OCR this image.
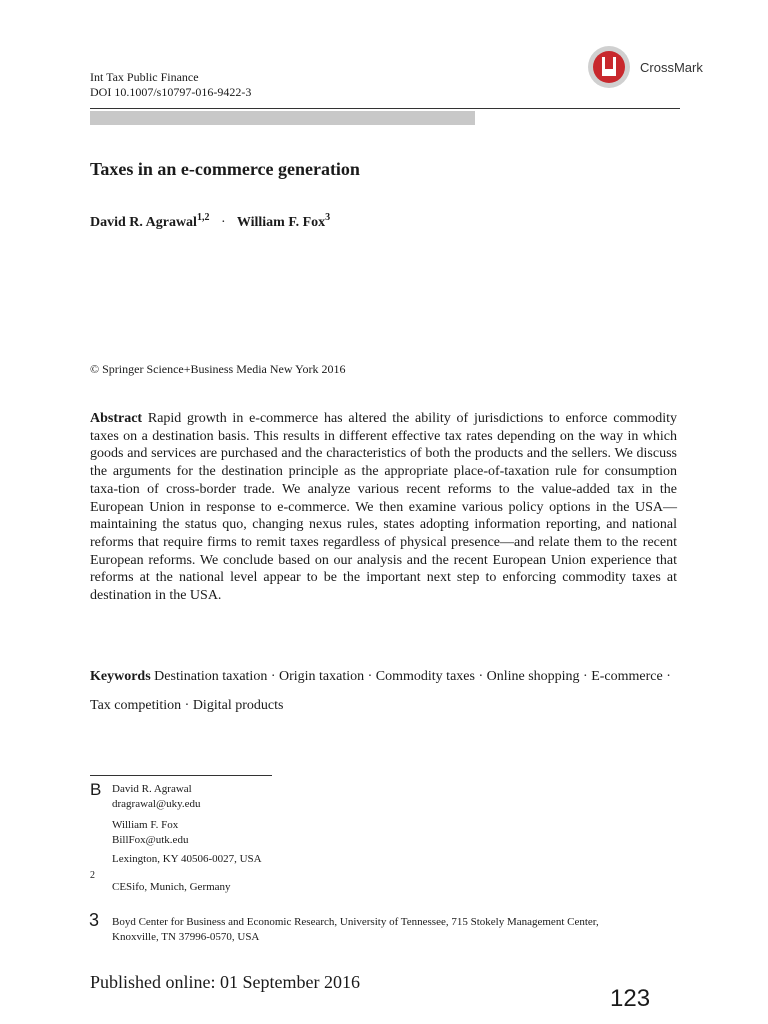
Int Tax Public Finance
DOI 10.1007/s10797-016-9422-3
CrossMark
Taxes in an e-commerce generation
David R. Agrawal$^{1,2}$ · William F. Fox$^3$
© Springer Science+Business Media New York 2016
Abstract Rapid growth in e-commerce has altered the ability of jurisdictions to enforce commodity taxes on a destination basis. This results in different effective tax rates depending on the way in which goods and services are purchased and the characteristics of both the products and the sellers. We discuss the arguments for the destination principle as the appropriate place-of-taxation rule for consumption taxa-tion of cross-border trade. We analyze various recent reforms to the value-added tax in the European Union in response to e-commerce. We then examine various policy options in the USA—maintaining the status quo, changing nexus rules, states adopting information reporting, and national reforms that require firms to remit taxes regardless of physical presence—and relate them to the recent European reforms. We conclude based on our analysis and the recent European Union experience that reforms at the national level appear to be the important next step to enforcing commodity taxes at destination in the USA.
Keywords Destination taxation · Origin taxation · Commodity taxes · Online shopping · E-commerce · Tax competition · Digital products
B David R. Agrawal
dragrawal@uky.edu
William F. Fox
BillFox@utk.edu
Lexington, KY 40506-0027, USA
2
CESifo, Munich, Germany
3 Boyd Center for Business and Economic Research, University of Tennessee, 715 Stokely Management Center, Knoxville, TN 37996-0570, USA
Published online: 01 September 2016
123
